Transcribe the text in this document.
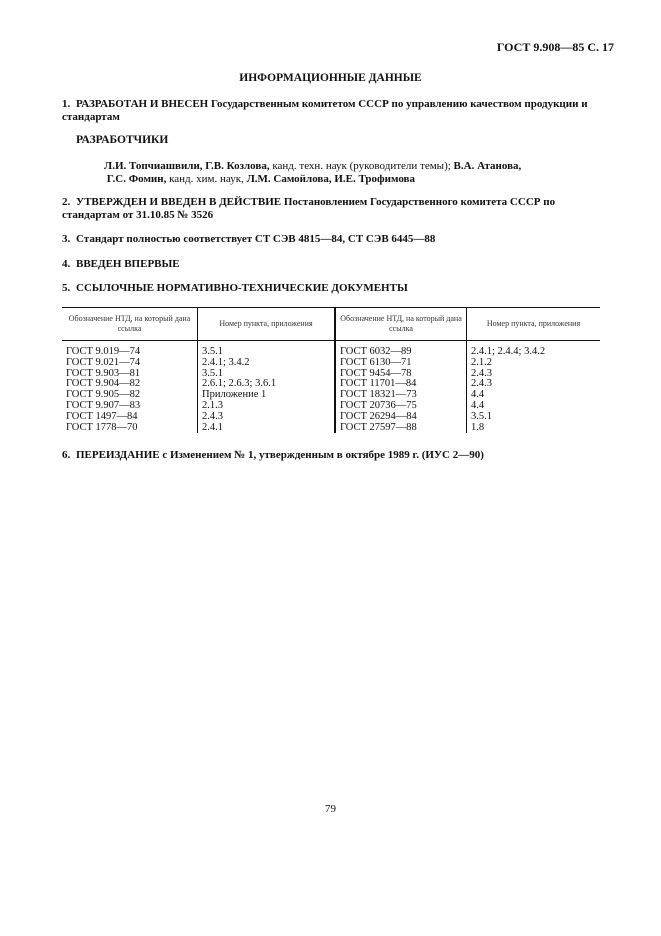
ГОСТ 9.908—85 С. 17
ИНФОРМАЦИОННЫЕ ДАННЫЕ
1. РАЗРАБОТАН И ВНЕСЕН Государственным комитетом СССР по управлению качеством продукции и стандартам
РАЗРАБОТЧИКИ
Л.И. Топчиашвили, Г.В. Козлова, канд. техн. наук (руководители темы); В.А. Атанова,
Г.С. Фомин, канд. хим. наук, Л.М. Самойлова, И.Е. Трофимова
2. УТВЕРЖДЕН И ВВЕДЕН В ДЕЙСТВИЕ Постановлением Государственного комитета СССР по стандартам от 31.10.85 № 3526
3. Стандарт полностью соответствует СТ СЭВ 4815—84, СТ СЭВ 6445—88
4. ВВЕДЕН ВПЕРВЫЕ
5. ССЫЛОЧНЫЕ НОРМАТИВНО-ТЕХНИЧЕСКИЕ ДОКУМЕНТЫ
Обозначение НТД, на который дана ссылка	Номер пункта, приложения	Обозначение НТД, на который дана ссылка	Номер пункта, приложения
ГОСТ 9.019—74	3.5.1	ГОСТ 6032—89	2.4.1; 2.4.4; 3.4.2
ГОСТ 9.021—74	2.4.1; 3.4.2	ГОСТ 6130—71	2.1.2
ГОСТ 9.903—81	3.5.1	ГОСТ 9454—78	2.4.3
ГОСТ 9.904—82	2.6.1; 2.6.3; 3.6.1	ГОСТ 11701—84	2.4.3
ГОСТ 9.905—82	Приложение 1	ГОСТ 18321—73	4.4
ГОСТ 9.907—83	2.1.3	ГОСТ 20736—75	4.4
ГОСТ 1497—84	2.4.3	ГОСТ 26294—84	3.5.1
ГОСТ 1778—70	2.4.1	ГОСТ 27597—88	1.8
6. ПЕРЕИЗДАНИЕ с Изменением № 1, утвержденным в октябре 1989 г. (ИУС 2—90)
79
